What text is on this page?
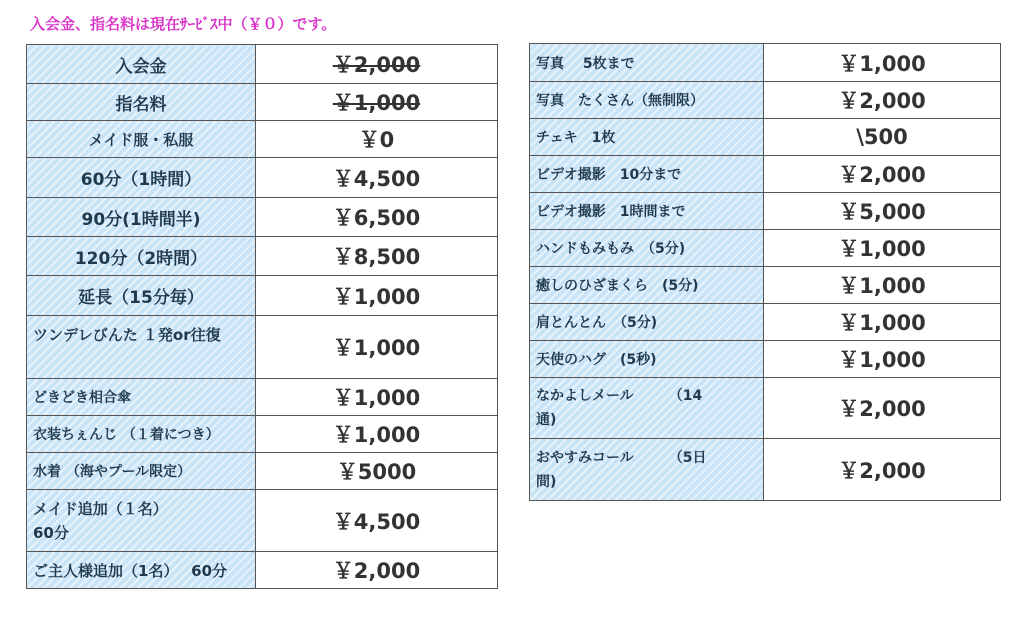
入会金、指名料は現在ｻｰﾋﾞｽ中（￥０）です。
入会金	￥2,000
指名料	￥1,000
メイド服・私服	￥0
60分（1時間）	￥4,500
90分(1時間半)	￥6,500
120分（2時間）	￥8,500
延長（15分毎）	￥1,000
ツンデレびんた １発or往復	￥1,000
どきどき相合傘	￥1,000
衣装ちぇんじ （１着につき）	￥1,000
水着 （海やプール限定）	￥5000

メイド追加（１名）
60分	￥4,500
ご主人様追加（1名）　 60分	￥2,000
写真　 5枚まで	￥1,000
写真　たくさん（無制限）	￥2,000
チェキ　1枚	\500
ビデオ撮影　10分まで	￥2,000
ビデオ撮影　1時間まで	￥5,000
ハンドもみもみ　（5分)	￥1,000
癒しのひざまくら　(5分)	￥1,000
肩とんとん　（5分)	￥1,000
天使のハグ　(5秒)	￥1,000

なかよしメール　　　（14
通)	￥2,000

おやすみコール　　　（5日
間)	￥2,000
